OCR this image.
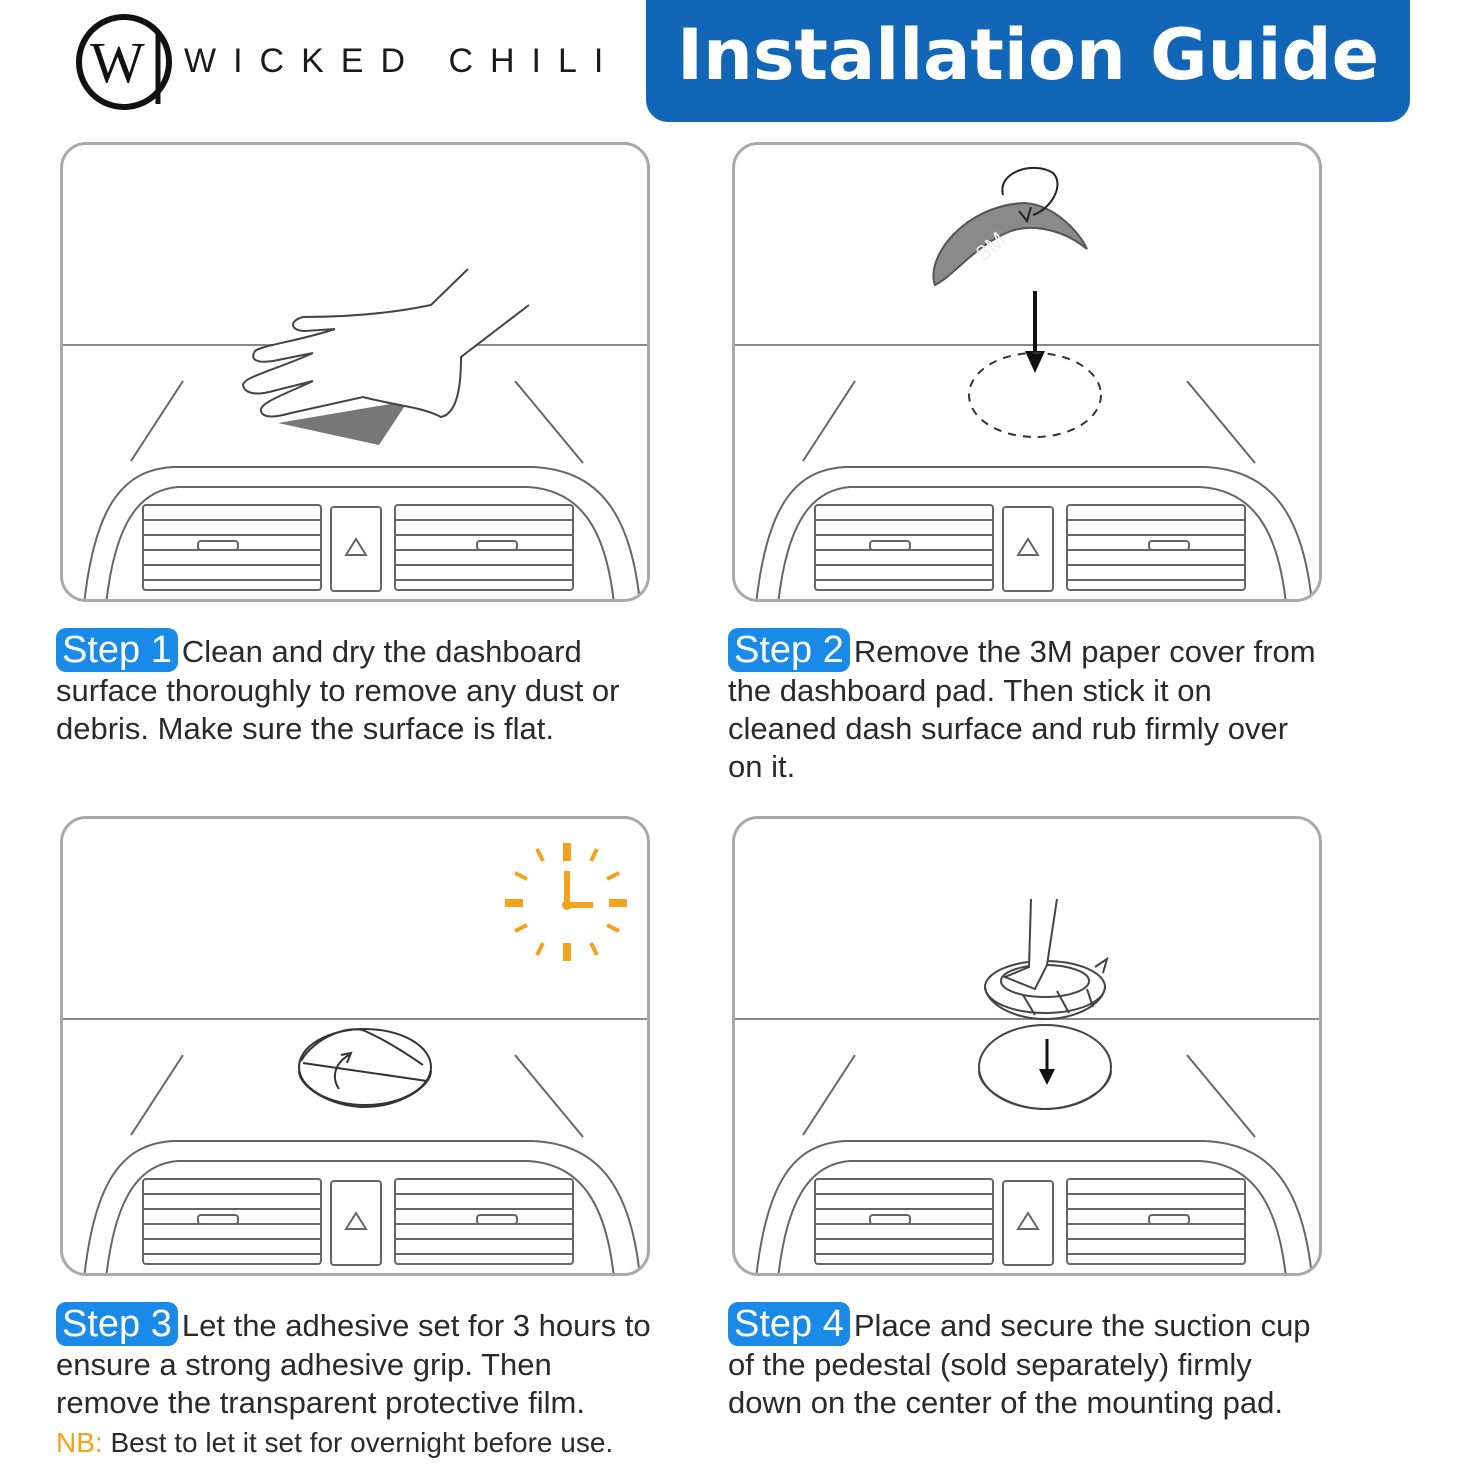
W WICKED CHILI Installation Guide
3M
Step 1 Clean and dry the dashboard surface thoroughly to remove any dust or debris. Make sure the surface is flat.
Step 2 Remove the 3M paper cover from the dashboard pad. Then stick it on cleaned dash surface and rub firmly over on it.
Step 3 Let the adhesive set for 3 hours to ensure a strong adhesive grip. Then remove the transparent protective film.
NB: Best to let it set for overnight before use.
Step 4 Place and secure the suction cup of the pedestal (sold separately) firmly down on the center of the mounting pad.
